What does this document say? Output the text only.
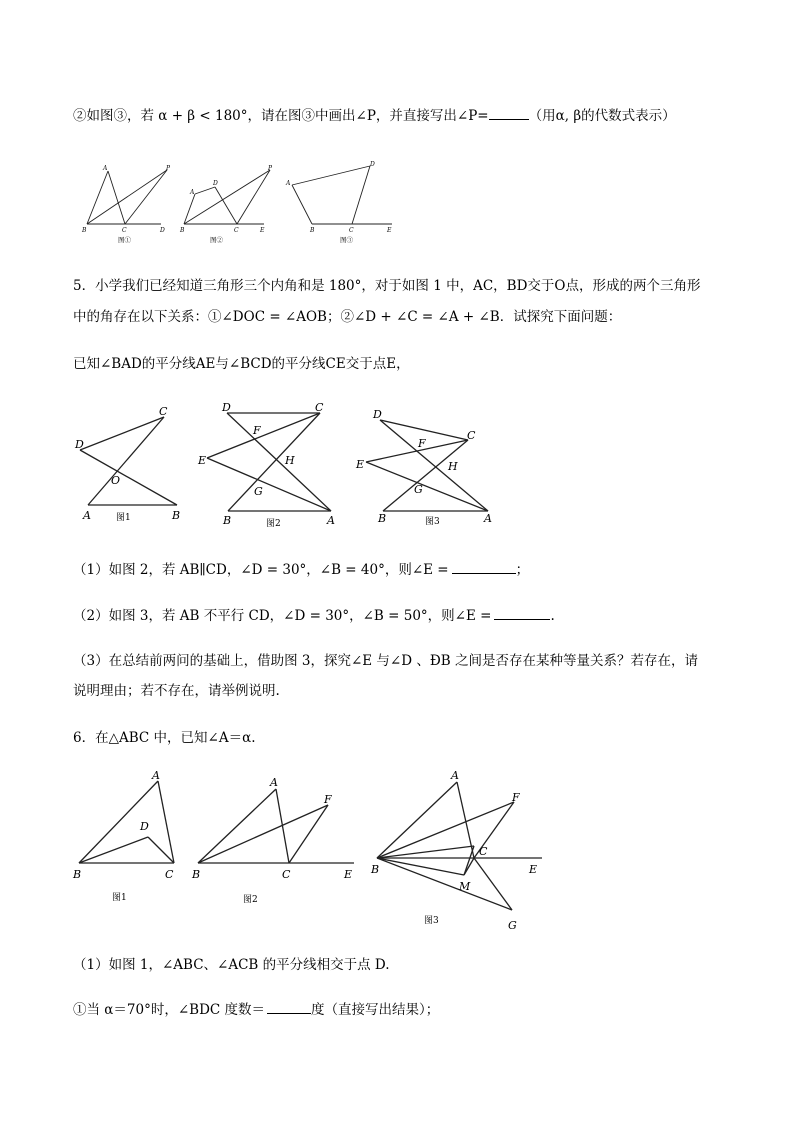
②如图③，若 α + β < 180°，请在图③中画出∠P，并直接写出∠P=	（用α, β的代数式表示）
A
B	C	D
P
图①
A
D
B	C	E
P
图②
A
D
B	C	E
图③
5．小学我们已经知道三角形三个内角和是 180°，对于如图 1 中，AC，BD交于O点，形成的两个三角形
中的角存在以下关系：①∠DOC = ∠AOB；②∠D + ∠C = ∠A + ∠B．试探究下面问题：
已知∠BAD的平分线AE与∠BCD的平分线CE交于点E，
C
D
O
A	B
图1
D	C
F
E	H
G
B	A
图2
D
C
F
E	H
G
B	A
图3
（1）如图 2，若 AB∥CD，∠D = 30°，∠B = 40°，则∠E =	；
（2）如图 3，若 AB 不平行 CD，∠D = 30°，∠B = 50°，则∠E =	.
（3）在总结前两问的基础上，借助图 3，探究∠E 与∠D 、ÐB 之间是否存在某种等量关系？若存在，请
说明理由；若不存在，请举例说明.
6．在△ABC 中，已知∠A＝α.
A
D
B	C
图1
A
F
B	C	E
图2
A
F
C
B	E
M
G
图3
（1）如图 1，∠ABC、∠ACB 的平分线相交于点 D.
①当 α＝70°时，∠BDC 度数＝	度（直接写出结果）；
